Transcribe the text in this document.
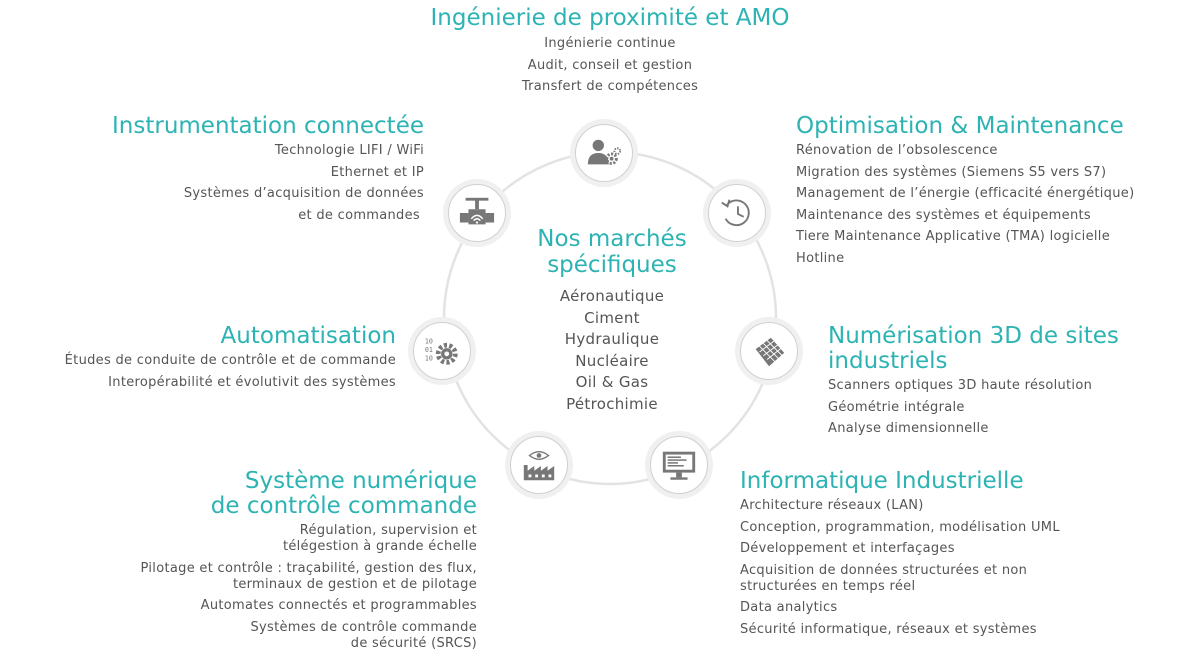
10
01
10
Nos marchés
spécifiques
Aéronautique
Ciment
Hydraulique
Nucléaire
Oil & Gas
Pétrochimie
Ingénierie de proximité et AMO
Ingénierie continue
Audit, conseil et gestion
Transfert de compétences
Instrumentation connectée
Technologie LIFI / WiFi
Ethernet et IP
Systèmes d’acquisition de données
et de commandes
Optimisation & Maintenance
Rénovation de l’obsolescence
Migration des systèmes (Siemens S5 vers S7)
Management de l’énergie (efficacité énergétique)
Maintenance des systèmes et équipements
Tiere Maintenance Applicative (TMA) logicielle
Hotline
Automatisation
Études de conduite de contrôle et de commande
Interopérabilité et évolutivit des systèmes
Numérisation 3D de sites
industriels
Scanners optiques 3D haute résolution
Géométrie intégrale
Analyse dimensionnelle
Système numérique
de contrôle commande
Régulation, supervision et
télégestion à grande échelle
Pilotage et contrôle : traçabilité, gestion des flux,
terminaux de gestion et de pilotage
Automates connectés et programmables
Systèmes de contrôle commande
de sécurité (SRCS)
Informatique Industrielle
Architecture réseaux (LAN)
Conception, programmation, modélisation UML
Développement et interfaçages
Acquisition de données structurées et non
structurées en temps réel
Data analytics
Sécurité informatique, réseaux et systèmes
